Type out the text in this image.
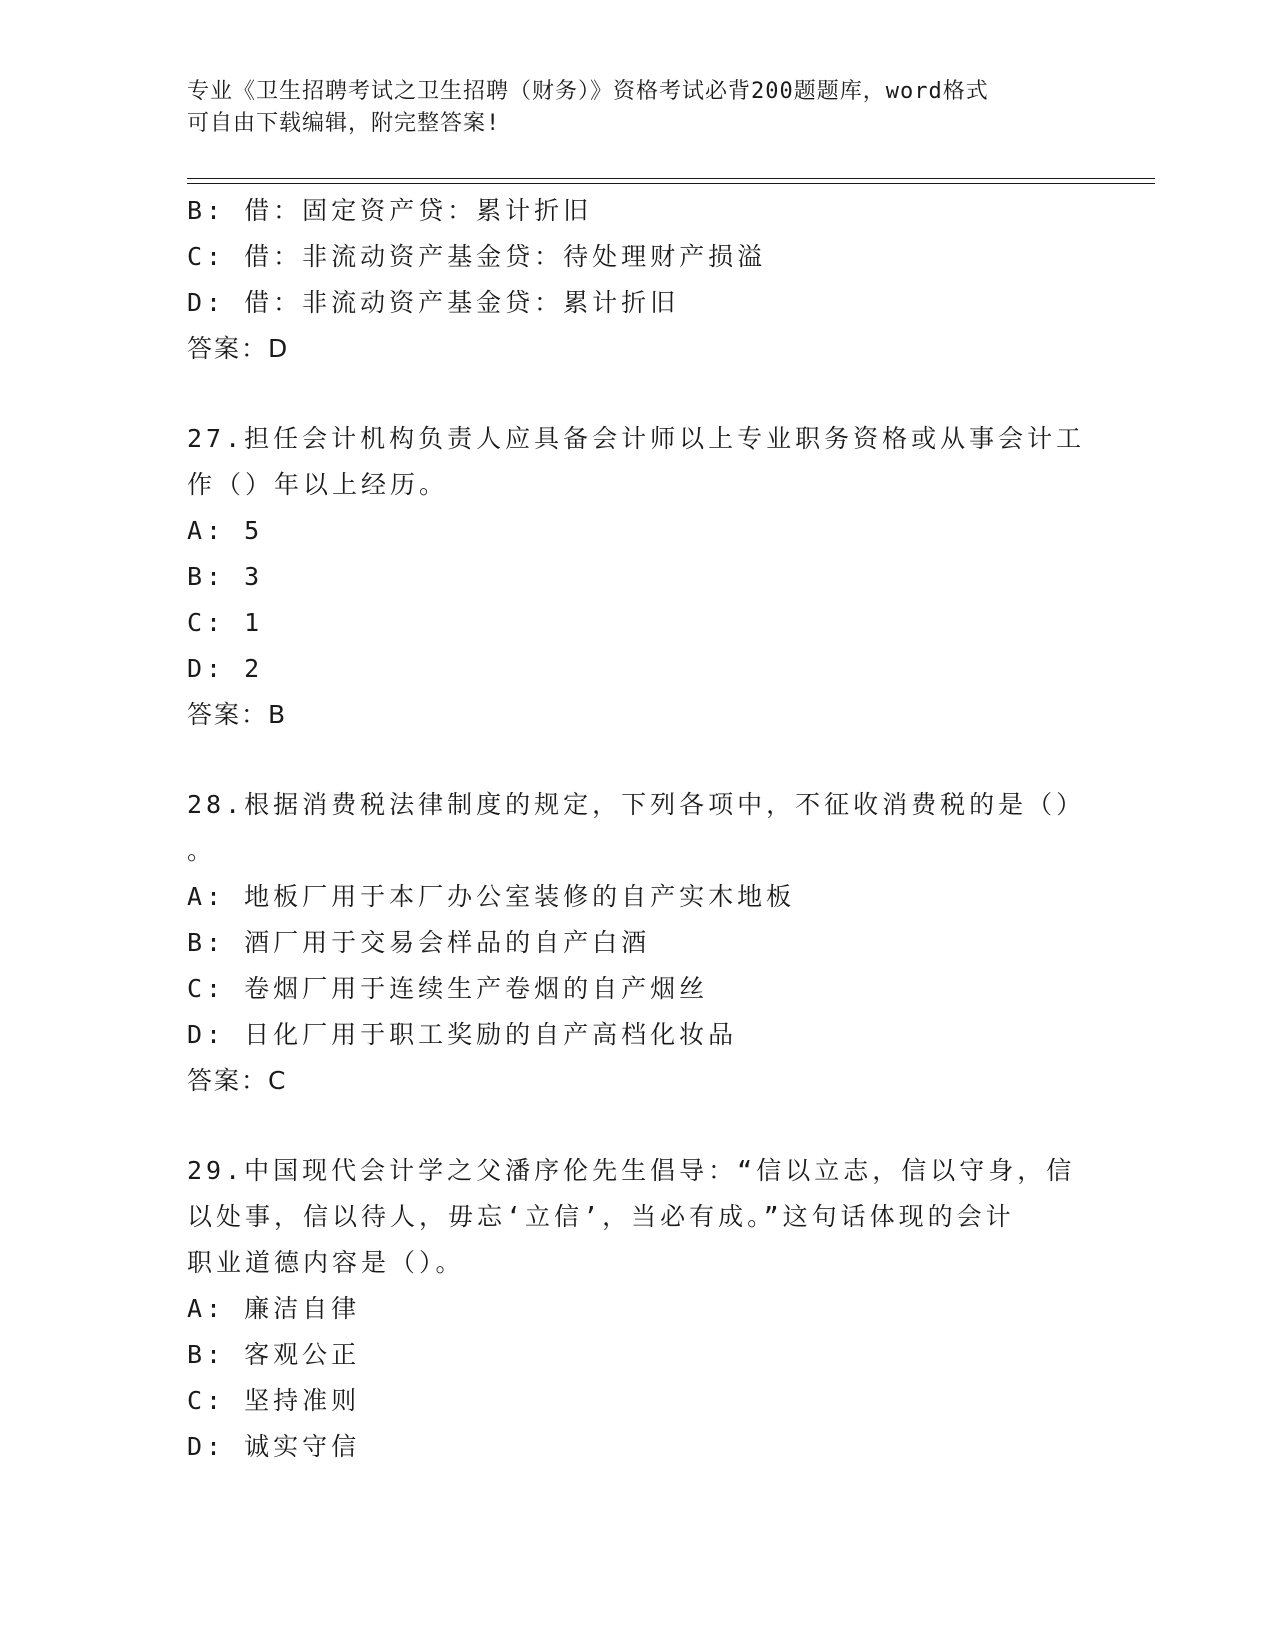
专业《卫生招聘考试之卫生招聘（财务）》资格考试必背200题题库，word格式
可自由下载编辑，附完整答案!
B: 借：固定资产贷：累计折旧
C: 借：非流动资产基金贷：待处理财产损溢
D: 借：非流动资产基金贷：累计折旧
答案：D
27.担任会计机构负责人应具备会计师以上专业职务资格或从事会计工
作（）年以上经历。
A: 5
B: 3
C: 1
D: 2
答案：B
28.根据消费税法律制度的规定，下列各项中，不征收消费税的是（）
。
A: 地板厂用于本厂办公室装修的自产实木地板
B: 酒厂用于交易会样品的自产白酒
C: 卷烟厂用于连续生产卷烟的自产烟丝
D: 日化厂用于职工奖励的自产高档化妆品
答案：C
29.中国现代会计学之父潘序伦先生倡导：“信以立志，信以守身，信
以处事，信以待人，毋忘‘立信’，当必有成。”这句话体现的会计
职业道德内容是（）。
A: 廉洁自律
B: 客观公正
C: 坚持准则
D: 诚实守信
